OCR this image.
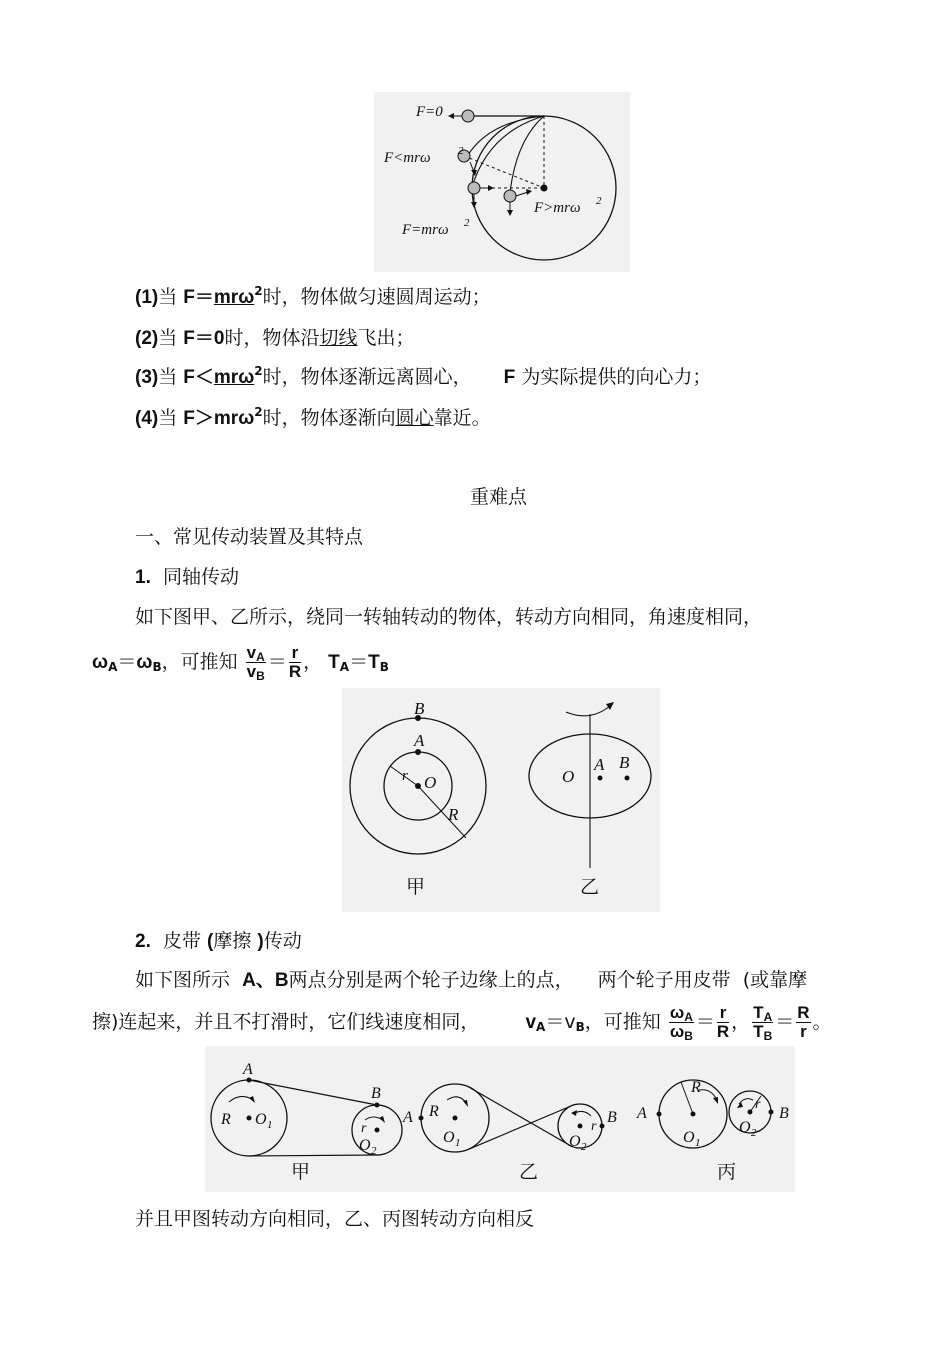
F=0
F<mrω 2
F>mrω 2
F=mrω 2
(1)当 F＝mrω$^2$时，物体做匀速圆周运动；
(2)当 F＝0时，物体沿切线飞出；
(3)当 F＜mrω$^2$时，物体逐渐远离圆心， F 为实际提供的向心力；
(4)当 F＞mrω$^2$时，物体逐渐向圆心靠近。
重难点
一、常见传动装置及其特点
1. 同轴传动
如下图甲、乙所示，绕同一转轴转动的物体，转动方向相同，角速度相同，
$\omega_A=\omega_B$，可推知 $\frac{v_A}{v_B} = \frac{r}{R}$ ， $T_A=T_B$
B
A
r O
R
甲
O
A B
乙
2. 皮带 (摩擦 )传动
如下图所示 A、B两点分别是两个轮子边缘上的点， 两个轮子用皮带 (或靠摩
擦)连起来，并且不打滑时，它们线速度相同， $v_A=v_B$，可推知 $\frac{\omega_A}{\omega_B} = \frac{r}{R}$ ， $\frac{T_A}{T_B} = \frac{R}{r}$ 。
A
B
R O 1	r
O 2
甲
A	B
R
O 1
r
O 2
乙
A	B
R
O 1
r
O 2
丙
并且甲图转动方向相同，乙、丙图转动方向相反
